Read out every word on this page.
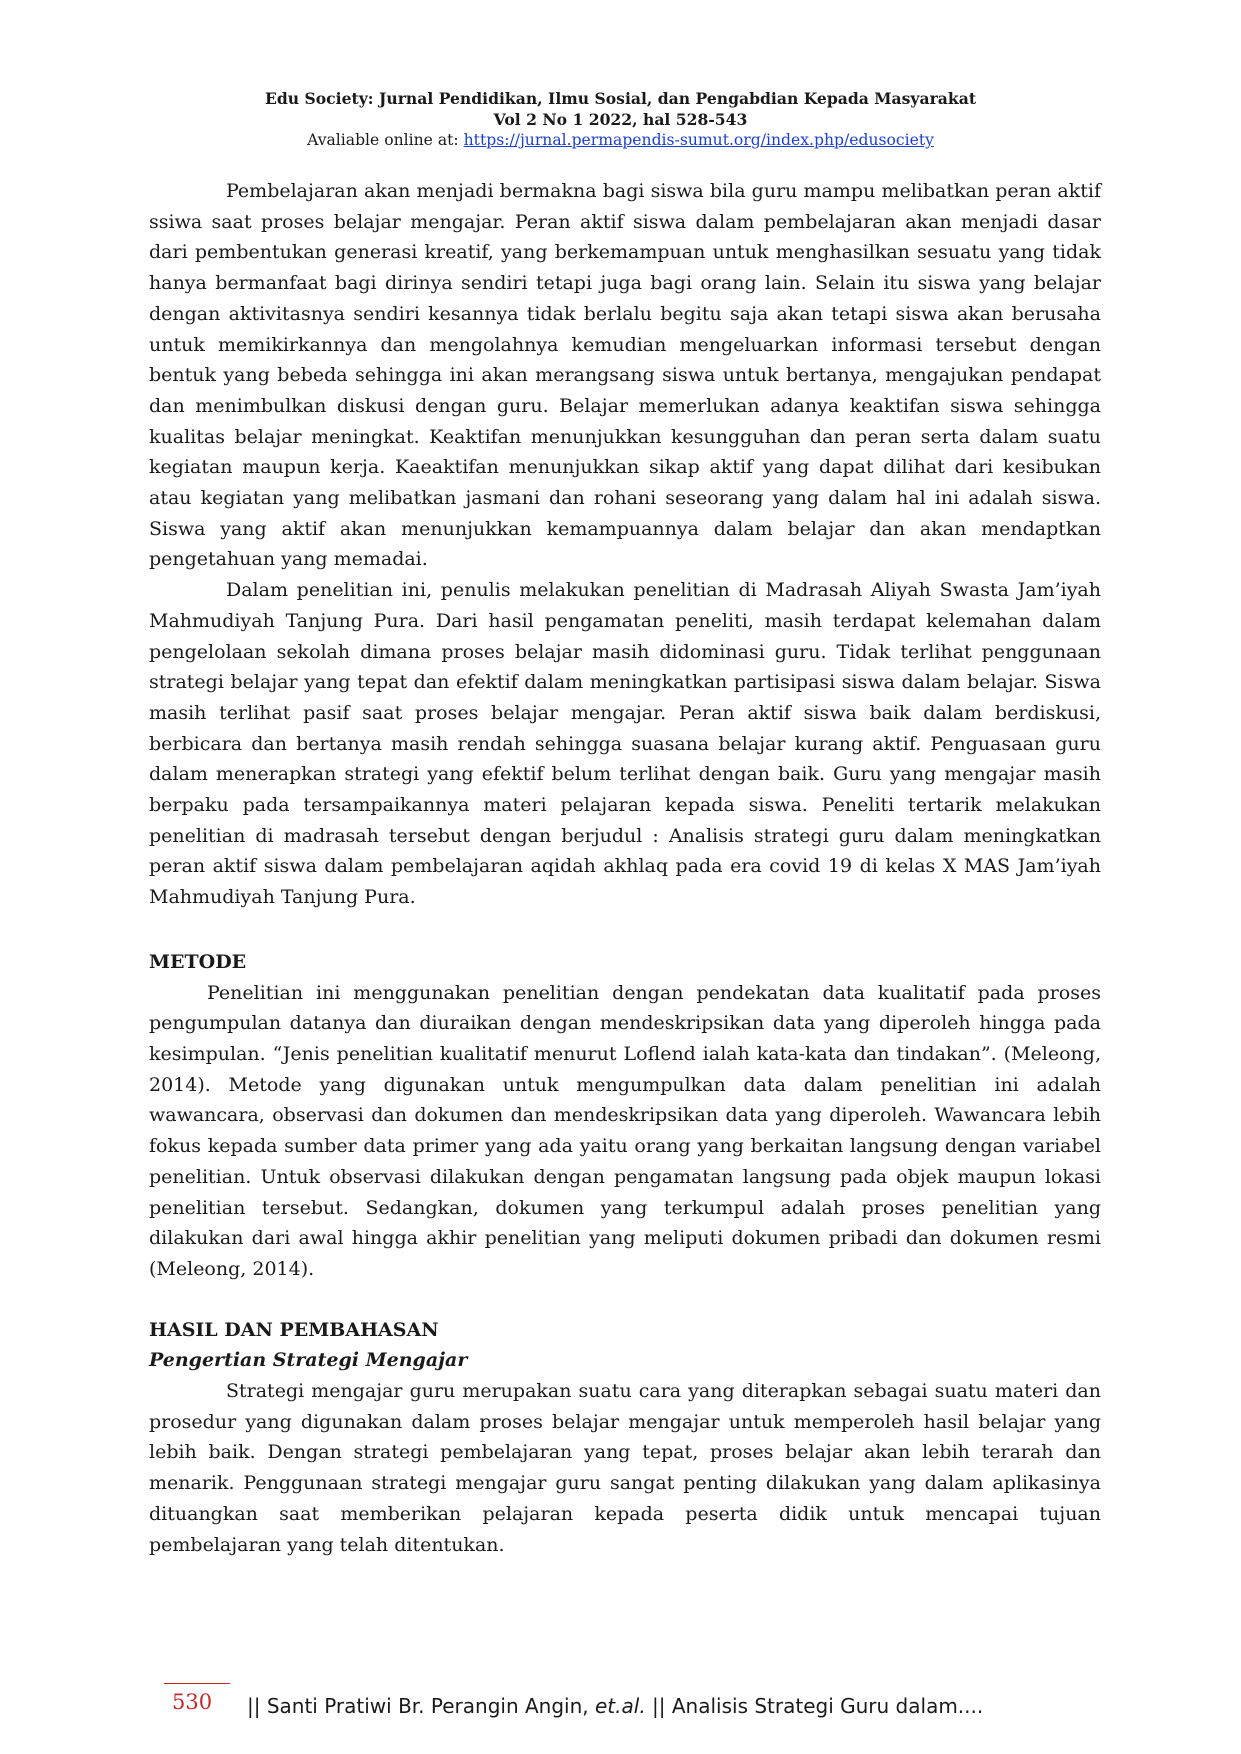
Edu Society: Jurnal Pendidikan, Ilmu Sosial, dan Pengabdian Kepada Masyarakat
Vol 2 No 1 2022, hal 528-543
Avaliable online at: https://jurnal.permapendis-sumut.org/index.php/edusociety

Pembelajaran akan menjadi bermakna bagi siswa bila guru mampu melibatkan peran aktif ssiwa saat proses belajar mengajar. Peran aktif siswa dalam pembelajaran akan menjadi dasar dari pembentukan generasi kreatif, yang berkemampuan untuk menghasilkan sesuatu yang tidak hanya bermanfaat bagi dirinya sendiri tetapi juga bagi orang lain. Selain itu siswa yang belajar dengan aktivitasnya sendiri kesannya tidak berlalu begitu saja akan tetapi siswa akan berusaha untuk memikirkannya dan mengolahnya kemudian mengeluarkan informasi tersebut dengan bentuk yang bebeda sehingga ini akan merangsang siswa untuk bertanya, mengajukan pendapat dan menimbulkan diskusi dengan guru. Belajar memerlukan adanya keaktifan siswa sehingga kualitas belajar meningkat. Keaktifan menunjukkan kesungguhan dan peran serta dalam suatu kegiatan maupun kerja. Kaeaktifan menunjukkan sikap aktif yang dapat dilihat dari kesibukan atau kegiatan yang melibatkan jasmani dan rohani seseorang yang dalam hal ini adalah siswa. Siswa yang aktif akan menunjukkan kemampuannya dalam belajar dan akan mendaptkan pengetahuan yang memadai.

Dalam penelitian ini, penulis melakukan penelitian di Madrasah Aliyah Swasta Jam’iyah Mahmudiyah Tanjung Pura. Dari hasil pengamatan peneliti, masih terdapat kelemahan dalam pengelolaan sekolah dimana proses belajar masih didominasi guru. Tidak terlihat penggunaan strategi belajar yang tepat dan efektif dalam meningkatkan partisipasi siswa dalam belajar. Siswa masih terlihat pasif saat proses belajar mengajar. Peran aktif siswa baik dalam berdiskusi, berbicara dan bertanya masih rendah sehingga suasana belajar kurang aktif. Penguasaan guru dalam menerapkan strategi yang efektif belum terlihat dengan baik. Guru yang mengajar masih berpaku pada tersampaikannya materi pelajaran kepada siswa. Peneliti tertarik melakukan penelitian di madrasah tersebut dengan berjudul : Analisis strategi guru dalam meningkatkan peran aktif siswa dalam pembelajaran aqidah akhlaq pada era covid 19 di kelas X MAS Jam’iyah Mahmudiyah Tanjung Pura.

METODE

Penelitian ini menggunakan penelitian dengan pendekatan data kualitatif pada proses pengumpulan datanya dan diuraikan dengan mendeskripsikan data yang diperoleh hingga pada kesimpulan. “Jenis penelitian kualitatif menurut Loflend ialah kata-kata dan tindakan”. (Meleong, 2014). Metode yang digunakan untuk mengumpulkan data dalam penelitian ini adalah wawancara, observasi dan dokumen dan mendeskripsikan data yang diperoleh. Wawancara lebih fokus kepada sumber data primer yang ada yaitu orang yang berkaitan langsung dengan variabel penelitian. Untuk observasi dilakukan dengan pengamatan langsung pada objek maupun lokasi penelitian tersebut. Sedangkan, dokumen yang terkumpul adalah proses penelitian yang dilakukan dari awal hingga akhir penelitian yang meliputi dokumen pribadi dan dokumen resmi (Meleong, 2014).

HASIL DAN PEMBAHASAN

Pengertian Strategi Mengajar

Strategi mengajar guru merupakan suatu cara yang diterapkan sebagai suatu materi dan prosedur yang digunakan dalam proses belajar mengajar untuk memperoleh hasil belajar yang lebih baik. Dengan strategi pembelajaran yang tepat, proses belajar akan lebih terarah dan menarik. Penggunaan strategi mengajar guru sangat penting dilakukan yang dalam aplikasinya dituangkan saat memberikan pelajaran kepada peserta didik untuk mencapai tujuan pembelajaran yang telah ditentukan.

530 || Santi Pratiwi Br. Perangin Angin, et.al. || Analisis Strategi Guru dalam....
